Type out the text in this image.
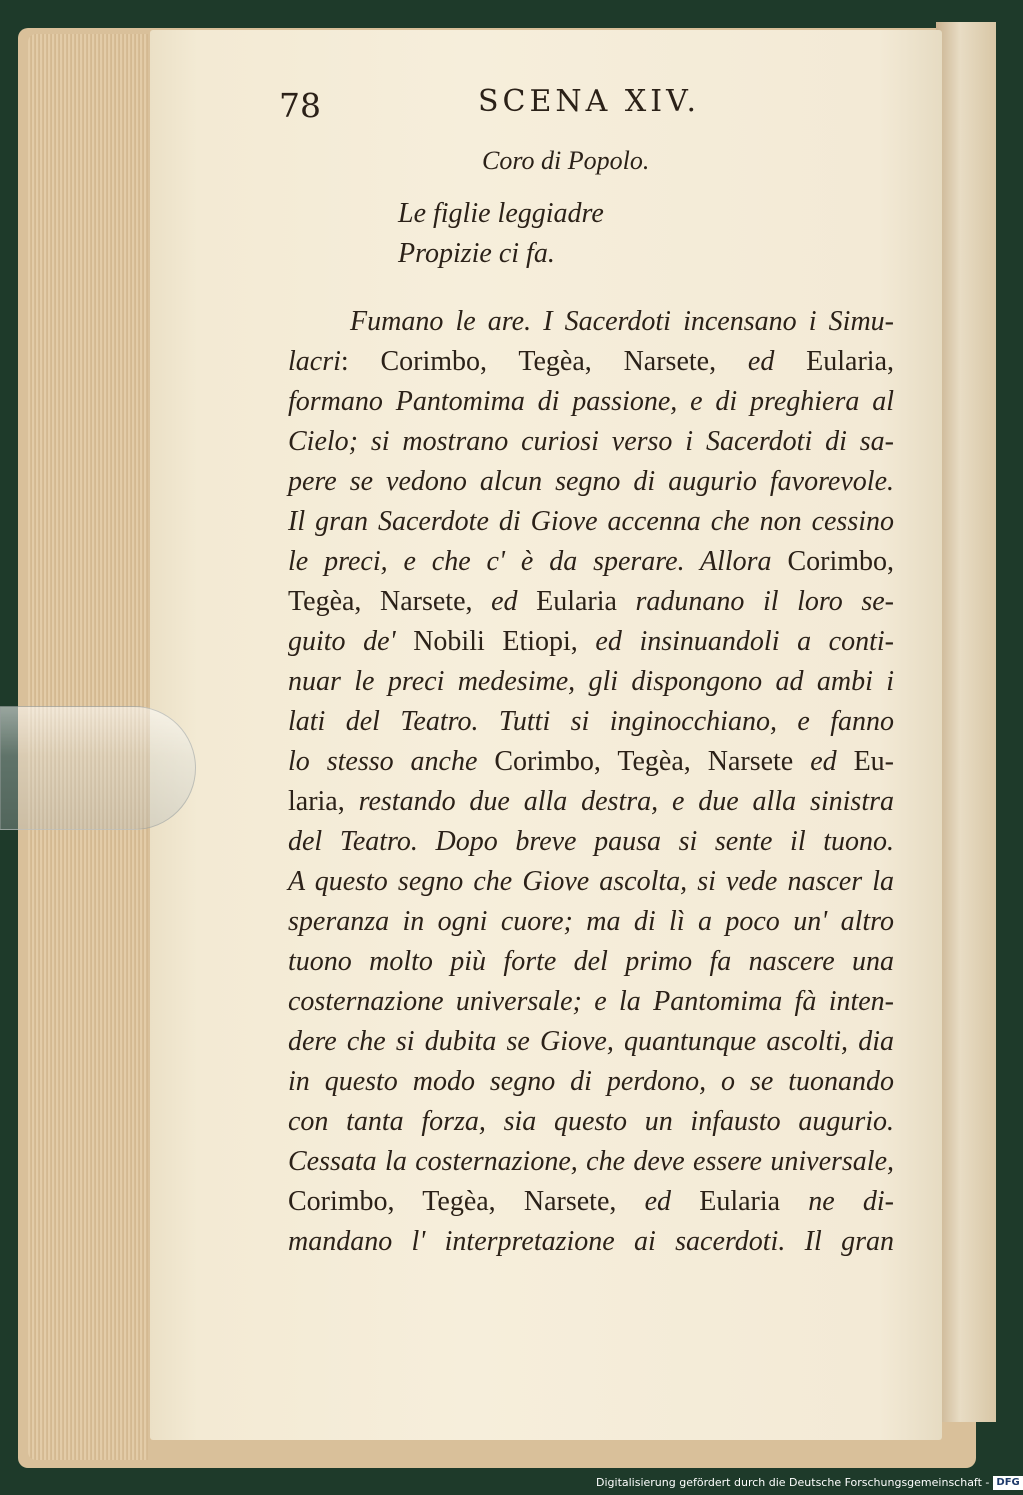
78	SCENA XIV.
Coro di Popolo.
Le figlie leggiadre
Propizie ci fa.
Fumano le are. I Sacerdoti incensano i Simu-
lacri: Corimbo, Tegèa, Narsete, ed Eularia,
formano Pantomima di passione, e di preghiera al
Cielo; si mostrano curiosi verso i Sacerdoti di sa-
pere se vedono alcun segno di augurio favorevole.
Il gran Sacerdote di Giove accenna che non cessino
le preci, e che c' è da sperare. Allora Corimbo,
Tegèa, Narsete, ed Eularia radunano il loro se-
guito de' Nobili Etiopi, ed insinuandoli a conti-
nuar le preci medesime, gli dispongono ad ambi i
lati del Teatro. Tutti si inginocchiano, e fanno
lo stesso anche Corimbo, Tegèa, Narsete ed Eu-
laria, restando due alla destra, e due alla sinistra
del Teatro. Dopo breve pausa si sente il tuono.
A questo segno che Giove ascolta, si vede nascer la
speranza in ogni cuore; ma di lì a poco un' altro
tuono molto più forte del primo fa nascere una
costernazione universale; e la Pantomima fà inten-
dere che si dubita se Giove, quantunque ascolti, dia
in questo modo segno di perdono, o se tuonando
con tanta forza, sia questo un infausto augurio.
Cessata la costernazione, che deve essere universale,
Corimbo, Tegèa, Narsete, ed Eularia ne di-
mandano l' interpretazione ai sacerdoti. Il gran
Digitalisierung gefördert durch die Deutsche Forschungsgemeinschaft - DFG
